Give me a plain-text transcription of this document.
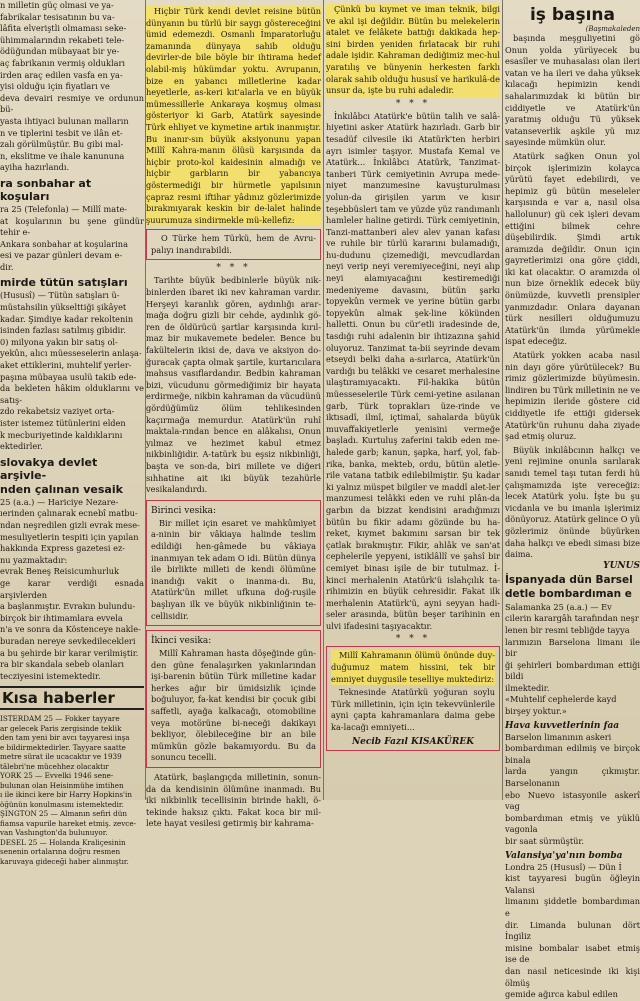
n milletin güç olmasi ve ya-

fabrikalar tesisatının bu va-

lâfita elveriştli olmaması seke-

ühimmalarındın rekabeti tele-

ödüğundan mübayaat bir ye-

aç fabrikanın vermiş oldukları

irden araç edilen vasfa en ya-

yisi olduğu için fiyatları ve

deva devairi resmiye ve ordunun bü-

yasta ihtiyaci bulunan malların

n ve tiplerini tesbit ve ilân et-

zalı görülmüştür. Bu gibi mal-

n, ekslitme ve ihale kanununa

ayiha hazırlandı.

ra sonbahar at koşuları

ra 25 (Telefonla) — Millî mate-

at koşularının bu şene gündür tehir e-

Ankara sonbahar at koşularina

esi ve pazar günleri devam e-

dir.

mirde tütün satışları

(Hususî) — Tütün satışları ü-

müstahsilin yükselttiği şikâyet

kadar. Şimdiye kadar rekoltenin

isinden fazlası satılmış gibidir.

0) milyona yakın bir satış ol-

yekûn, alıcı müesseselerin anlaşa-

aket ettiklerini, muhtelif yerler-

paşına mübayaa usulü takib ede-

da bekleten hâkim olduklarını ve satış-

zdo rekabetsiz vaziyet orta-

ister istemez tütünlerini elden

k mecburiyetinde kaldıklarını

ektedirler.

slovakya devlet arşivle-
nden çalınan vesaik

25 (a.a.) — Hariciye Nezare-

ıerinden çalınarak ecnebî matbu-

ndan neşredilen gizli evrak mese-

mesuliyetlerin tespiti için yapılan

hakkında Express gazetesi ez-

nu yazmaktadır:

evrak Beneş Reisicumhurluk

ge karar verdiği esnada arşivlerden

a başlanmıştır. Evrakın bulundu-

birçok bir ihtimamlara evvela

n'a ve sonra da Köstenceye nakle-

buradan nereye sevkedilecekleri

a bu şehirde bir karar verilmiştir.

ra bir skandala sebeb olanları

tecziyesini istemektedir.

Kısa haberler

ISTERDAM 25 — Fokker tayyare

ar gelecek Paris zergisinde teklik

den tam yeni bir avcı tayyaresi inşa

e bildirmektedirler. Tayyare saatte

metre sürat ile ucacaktır ve 1939

tâlebri'ne mücehhez olacaktır

YORK 25 — Evvelki 1946 sene-

bulunan olan Heisinmühe imtihen

ı ile ikinci kere bir Harry Hopkins'in

öğünün konulmasını istemektedir.

ŞINGTON 25 — Almanın sefiri dün

fiamsa vapurile hareket etmiş. zevce-

van Vashıngton'da bulunuyor.

DESEL 25 — Holanda Kraliçesinin

senenin ortalarına doğru resmen

karuvaya gideceği haber alınmıştır.

Hiçbir Türk kendi devlet reisine bütün dünyanın bu türlü bir saygı göstereceğini ümid edemezdi. Osmanlı İmparatorluğu zamanında dünyaya sahib olduğu devirler-de bile böyle bir ihtirama hedef olabil-miş hükümdar yoktu. Avrupanın, bize en yabancı milletlerine kadar heyetlerle, as-keri kıt'alarla ve en büyük mümessillerle Ankaraya koşmuş olması gösteriyor ki Garb, Atatürk sayesinde Türk ehliyet ve kıymetine artık inanmıştır. Bu inanır-sın büyük aksiyonunu yapan Millî Kahra-manın ölüsü karşısında da hiçbir proto-kol kaidesinin almadığı ve hiçbir garbların bir yabancıya göstermediği bir hürmetle yapılsının çapraz resmi iftihar yâdınız gözlerimizde bırakmıyarak keskin bir de-lalet halinde şuurumuza sindirmekle mü-kellefiz:

O Türke hem Türkü, hem de Avru-palıyı inandırabildi.

* * *

Tarihte büyük bedbinlerle büyük nik-binlerden ibaret iki nev kahraman vardır. Herşeyi karanlık gören, aydınlığı arar-mağa doğru gizli bir cehde, aydınlık gö-ren de öldürücü şartlar karşısında kırıl-maz bir mukavemete bedeler. Bence bu fakültelerin ikisi de, dava ve aksiyon do-ğuracak çapta olmak şartile, kurtarıcılara mahsus vasıflardandır. Bedbin kahraman bizi, vücudunu görmediğimiz bir hayata erdirmeğe, nikbin kahraman da vücudünü gördüğümüz ölüm tehlikesinden kaçırmağa memurdur. Atatürk'ün ruhî maktala-rından bence en alâkalısı, Onun yılmaz ve hezimet kabul etmez nikbinliğidir. A-tatürk bu eşsiz nikbinliği, başta ve son-da, biri millete ve diğeri sıhhatine ait iki büyük tezahürle vesikalandırdı.

Birinci vesika:

Bir millet için esaret ve mahkûmiyet a-ninin bir vâkiaya halinde teslim edildiği hen-gâmede bu vâkiaya inanmıyan tek adam O idi. Bütün dünya ile birlikte milleti de kendi ölümüne inandığı vakit o inanma-dı. Bu, Atatürk'ün millet ufkuna doğ-ruşile başlıyan ilk ve büyük nikbinliğinin te-cellisidir.

İkinci vesika:

Millî Kahraman hasta döşeğinde gün-den güne fenalaşırken yakınlarından işi-barenin bütün Türk milletine kadar herkes ağır bir ümidsizlik içinde boğuluyor, fa-kat kendisi bir çocuk gibi saffetli, ayağa kalkacağı, otomobiline veya motörüne bi-neceği dakikayı bekliyor, ölebileceğine bir an bile mümkün gözle bakamıyordu. Bu da sonuncu tecelli.

Atatürk, başlangıçda milletinin, sonun-da da kendisinin ölümüne inanmadı. Bu iki nikbinlik tecellisinin birinde hakli, ö-tekinde haksız çıktı. Fakat koca bir mil-lete hayat vesilesi getirmiş bir kahrama-

Çünkü bu kıymet ve iman teknik, bilgi ve akıl işi değildir. Bütün bu melekelerin atalet ve felâkete battığı dakikada hep-sini birden yeniden fırlatacak bir ruhi adale işidir. Kahraman dediğimiz mec-hul yaratılış ve bünyenin herkesten farklı olarak sahib olduğu hususî ve harikulâ-de unsur da, işte bu ruhi adaledir.

* * *

İnkılâbcı Atatürk'e bütün talih ve salâ-hiyetini asker Atatürk hazırladı. Garb bir tesadüf cilvesile iki Atatürk'ten herbiri ayrı isimler taşıyor. Mustafa Kemal ve Atatürk... İnkılâbcı Atatürk, Tanzimat-tanberi Türk cemiyetinin Avrupa mede-niyet manzumesine kavuşturulması yolun-da girişilen yarım ve kısır teşebbüsleri tam ve yüzde yüz randımanlı hamleler haline getirdi. Türk cemiyetinin, Tanzi-mattanberi alev alev yanan kafası ve ruhile bir türlü kararını bulamadığı, hu-dudunu çizemediği, mevcudlardan neyi verip neyi veremiyeceğini, neyi alıp neyi alamıyacağını kestiremediği medeniyeme davasını, bütün şarkı topyekûn vermek ve yerine bütün garbı topyekûn almak şek-line kökünden halletti. Onun bu cür'etli iradesinde de, tasdığı ruhi adalenin bir ihtizazına şahid oluyoruz. Tanzimat ta-bii seyrinde devam etseydi belki daha a-sırlarca, Atatürk'ün vardığı bu telâkki ve cesaret merhalesine ulaştıramıyacaktı. Fil-hakika bütün müesseselerile Türk cemi-yetine asılanan garb, Türk toprakları üze-rinde ve iktısadî, ilmî, içtimaî, sahalarda büyük muvaffakiyetlerle yenisini vermeğe başladı. Kurtuluş zaferini takib eden me-halede garb; kanun, şapka, harf, yol, fab-rika, banka, mekteb, ordu, bütün aletle-rile vatana tatbik edilebilmiştir. Şu kadar ki yalnız müspet bilgiler ve maddî alet-ler manzumesi telâkki eden ve ruhi plân-da garbın da bizzat kendisini aradığımızı bütün bu fikir adamı gözünde bu ha-reket, kıymet bakımını sarsan bir tek çatlak bırakmıştır. Fikir, ahlâk ve san'at cephelerile yepyeni, istiklâllî ve şahsî bir cemiyet binası işile de bir tutulmaz. İ-kinci merhalenin Atatürk'ü islahçılık ta-rihimizin en büyük cehresidir. Fakat ilk merhalenin Atatürk'ü, ayni seyyan hadi-seler arasında, bütün beşer tarihinin en ulvi ifadesini taşıyacaktır.

* * *

Millî Kahramanın ölümü önünde duy-duğumuz matem hissini, tek bir emniyet duygusile teselliye muktediriz:

Teknesinde Atatürkü yoğuran soylu Türk milletinin, için için tekevvünlerile ayni çapta kahramanlara daima gebe ka-lacağı emniyeti...

Necib Fazıl KISAKÜREK
iş başına
(Başmakaleden

başında meşguliyetini gö Onun yolda yürüyecek bu esasîler ve muhasalası olan ileri vatan ve ha ileri ve daha yüksek kılacağı hepimizin kendi sahalarımızdak ki bütün bir ciddiyetle ve Atatürk'ün yaratmış olduğu Tü yüksek vatanseverlik aşkile yü mız sayesinde mümkün olur.

Atatürk sağken Onun yol birçok işlerimizin kolayca yürütü fayet edebilirdi, ve hepimiz gü bütün meseleler karşısında e var a, nasıl olsa hallolunur) gü cek işleri devam ettiğini bilmek cehre düşebilirdik. Şimdi artık aramızda değildir. Onun için gayretlerimizi ona göre çiddi, iki kat olacaktır. O aramızda ol nun bize örneklik edecek büy önümüzde, kuvvetli prensipler yanmızdadır. Onlara dayanan türk nesilleri olduğumuzu Atatürk'ün ilımda yürümekle ispat edeceğiz.

Atatürk yokken acaba nasıl nin dayı göre yürütülecek? Bu rimiz gözlerimizde büyümesin. lindiren bu Türk milletinin ne ve hepimizin ileride göstere cid ciddiyetle ife ettiği gidersek Atatürk'ün ruhunu daha ziyade şad etmiş oluruz.

Büyük inkılâbcının halkçı ve yeni rejimine onunla sarılarak sanıdı temel taşı tutan ferdi hü çalışmamızda işte vereceğiz: lecek Atatürk yolu. İşte bu şu vicdanla ve bu imanla işlerimiz dönüyoruz. Atatürk gelince O yü gözlerimiz önünde büyürken daha halkçı ve ebedi siması bize daima.

YUNUS
İspanyada dün Barsel
detle bombardıman e

Salamanka 25 (a.a.) — Ev

cilerin karargâh tarafından neşr

lenen bir resmi tebliğde tayya

larımızın Barselona limanı ile bir

ği şehirleri bombardıman ettiği bildi

ilmektedir.

«Muhtelif cephelerde kayd

birşey yoktur.»

Hava kuvvetlerinin faa

Barselon limanının askeri

bombardıman edilmiş ve birçok binala

larda yangın çıkmıştır. Barselonanın

ebo Nuevo istasyonile askerî vag

bombardıman etmiş ve yüklü vagonla

bir saat sürmüştür.

Valansiya'ya'nın bomba

Londra 25 (Hususî) — Dün İ

kist tayyaresi bugün öğleyin Valansi

limanını şiddetle bombardıman e

dir. Limanda bulunan dört İngiliz

misine bombalar isabet etmiş ise de

dan nasıl neticesinde iki kişi ölmüş

gemide ağırca kabul edilen
